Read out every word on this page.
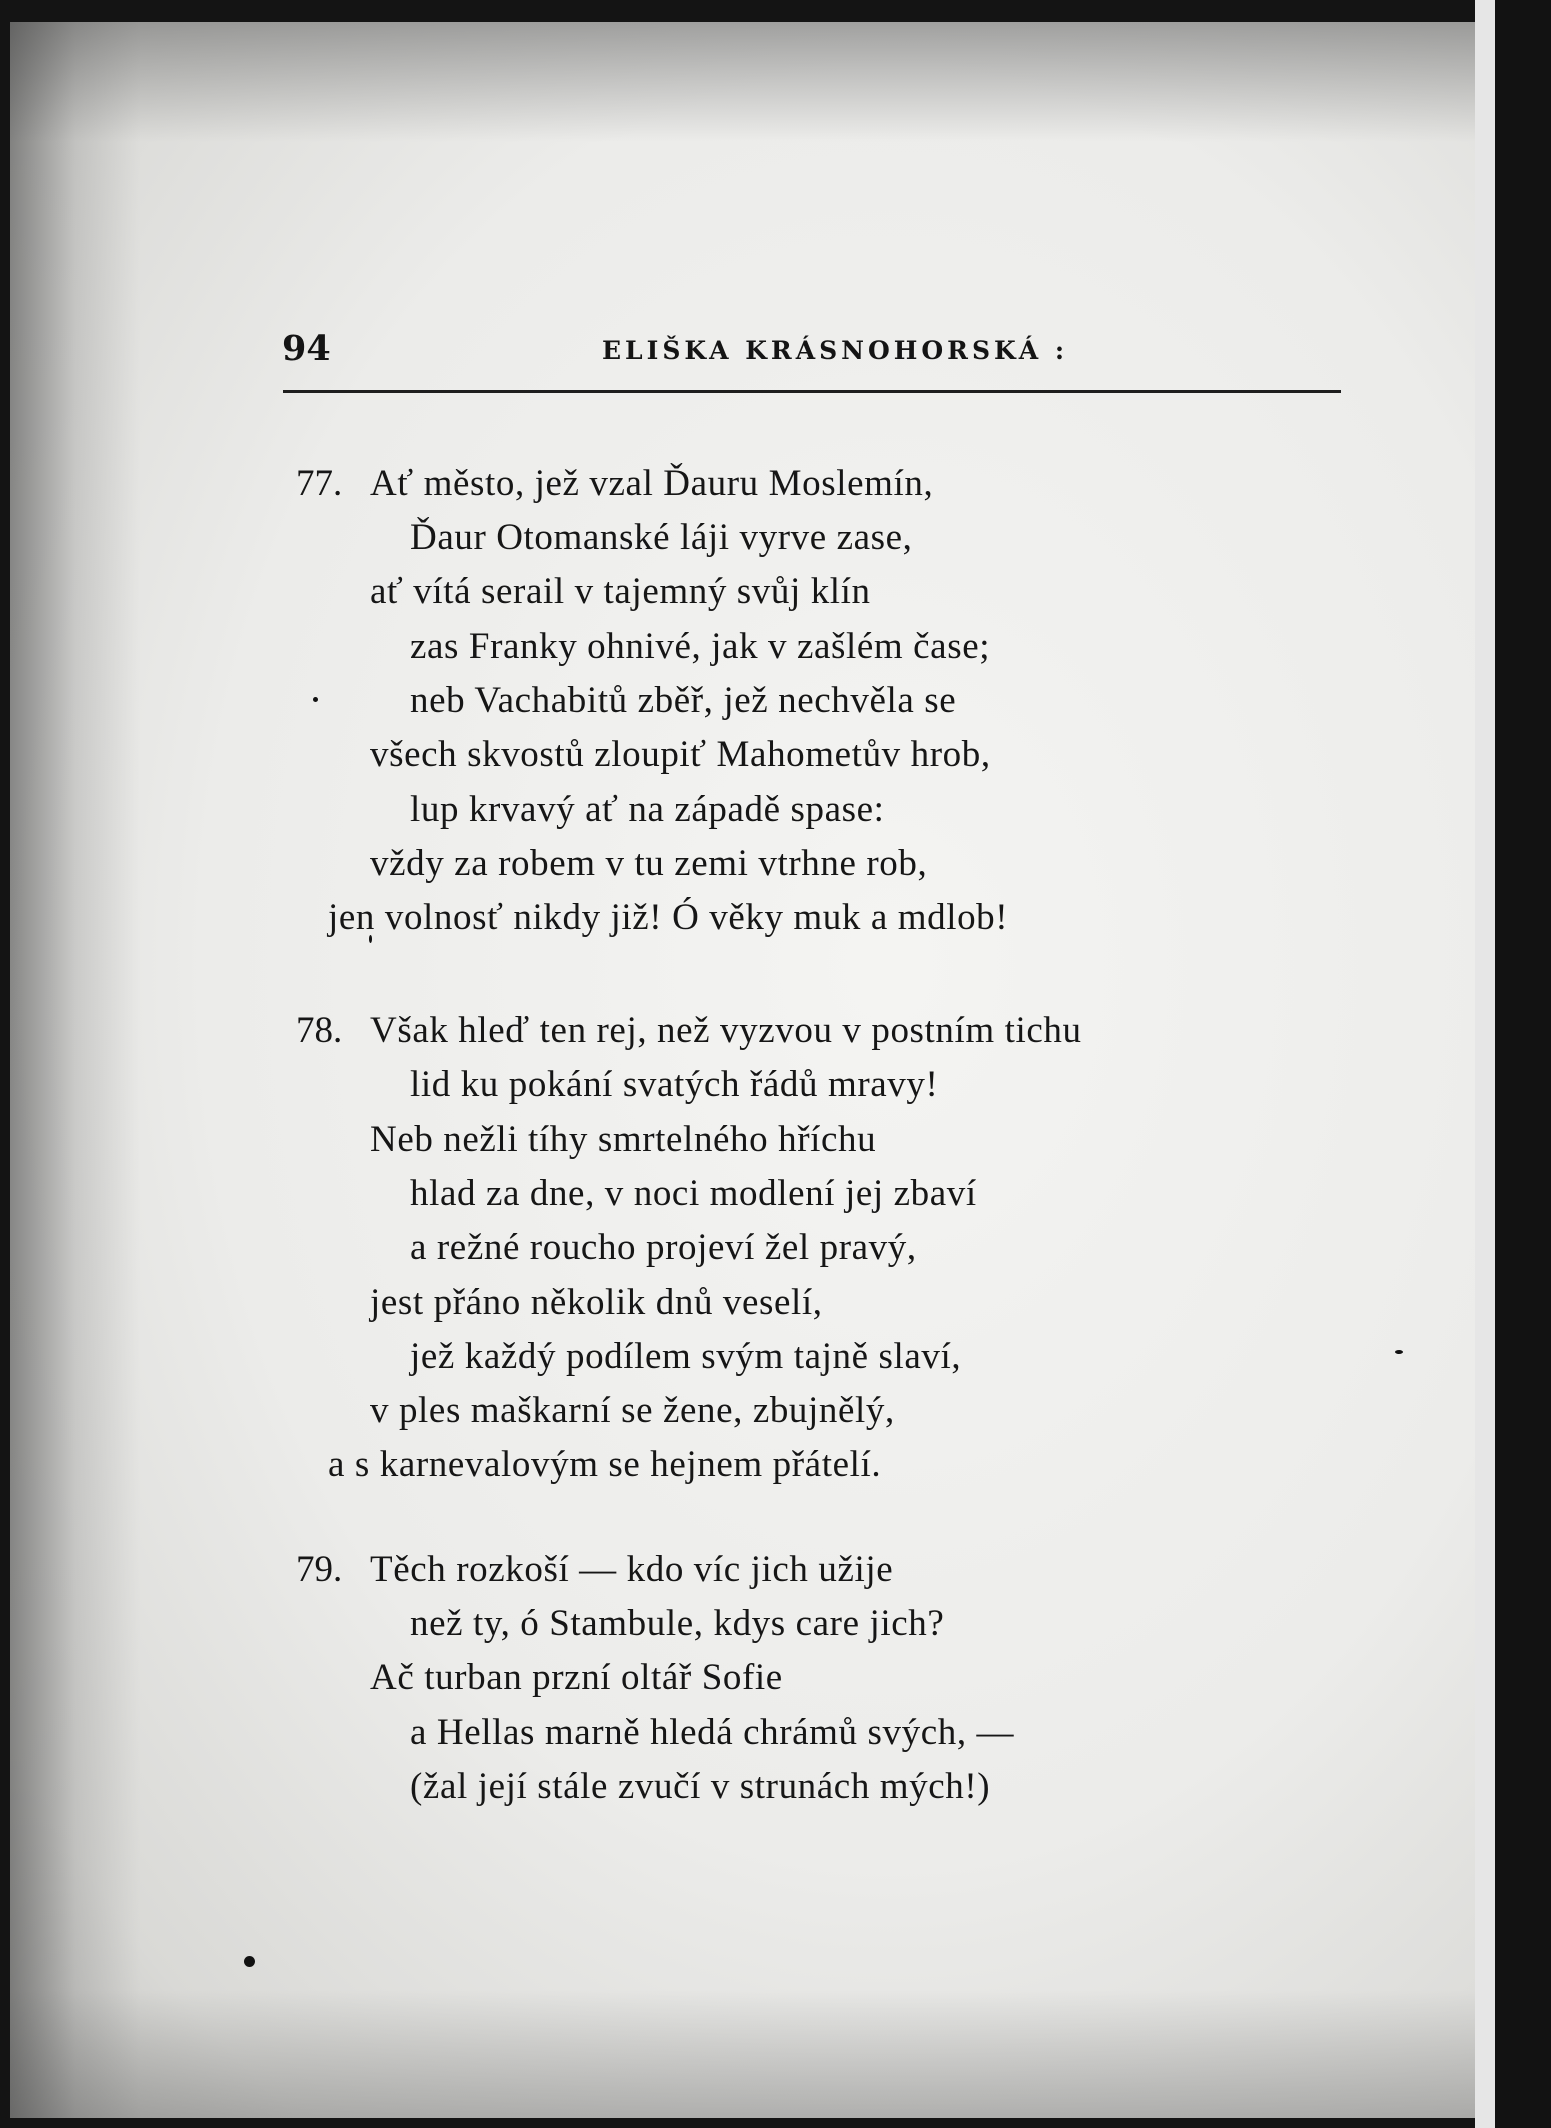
94	ELIŠKA KRÁSNOHORSKÁ :
77. Ať město, jež vzal Ďauru Moslemín,
Ďaur Otomanské láji vyrve zase,
ať vítá serail v tajemný svůj klín
zas Franky ohnivé, jak v zašlém čase;
neb Vachabitů zběř, jež nechvěla se
všech skvostů zloupiť Mahometův hrob,
lup krvavý ať na západě spase:
vždy za robem v tu zemi vtrhne rob,
jen volnosť nikdy již! Ó věky muk a mdlob!
78. Však hleď ten rej, než vyzvou v postním tichu
lid ku pokání svatých řádů mravy!
Neb nežli tíhy smrtelného hříchu
hlad za dne, v noci modlení jej zbaví
a režné roucho projeví žel pravý,
jest přáno několik dnů veselí,
jež každý podílem svým tajně slaví,
v ples maškarní se žene, zbujnělý,
a s karnevalovým se hejnem přátelí.
79. Těch rozkoší — kdo víc jich užije
než ty, ó Stambule, kdys care jich?
Ač turban przní oltář Sofie
a Hellas marně hledá chrámů svých, —
(žal její stále zvučí v strunách mých!)
